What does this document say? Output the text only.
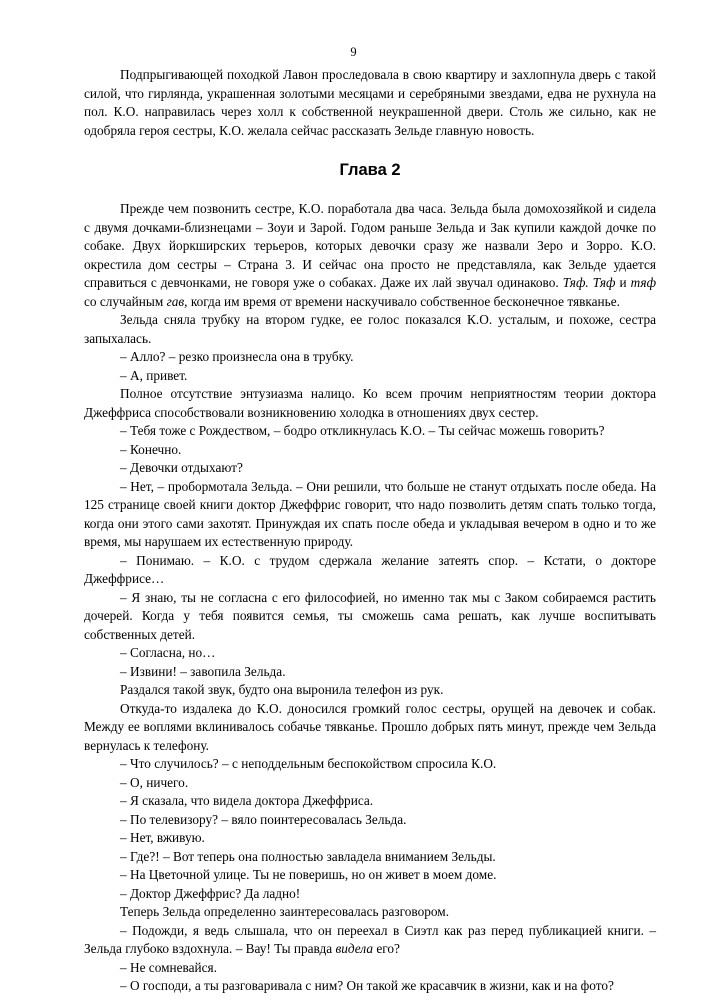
9

Подпрыгивающей походкой Лавон проследовала в свою квартиру и захлопнула дверь с такой силой, что гирлянда, украшенная золотыми месяцами и серебряными звездами, едва не рухнула на пол. К.О. направилась через холл к собственной неукрашенной двери. Столь же сильно, как не одобряла героя сестры, К.О. желала сейчас рассказать Зельде главную новость.

Глава 2

Прежде чем позвонить сестре, К.О. поработала два часа. Зельда была домохозяйкой и сидела с двумя дочками-близнецами – Зоуи и Зарой. Годом раньше Зельда и Зак купили каждой дочке по собаке. Двух йоркширских терьеров, которых девочки сразу же назвали Зеро и Зорро. К.О. окрестила дом сестры – Страна 3. И сейчас она просто не представляла, как Зельде удается справиться с девчонками, не говоря уже о собаках. Даже их лай звучал одинаково. Тяф. Тяф и тяф со случайным гав, когда им время от времени наскучивало собственное бесконечное тявканье.

Зельда сняла трубку на втором гудке, ее голос показался К.О. усталым, и похоже, сестра запыхалась.

– Алло? – резко произнесла она в трубку.

– А, привет.

Полное отсутствие энтузиазма налицо. Ко всем прочим неприятностям теории доктора Джеффриса способствовали возникновению холодка в отношениях двух сестер.

– Тебя тоже с Рождеством, – бодро откликнулась К.О. – Ты сейчас можешь говорить?

– Конечно.

– Девочки отдыхают?

– Нет, – пробормотала Зельда. – Они решили, что больше не станут отдыхать после обеда. На 125 странице своей книги доктор Джеффрис говорит, что надо позволить детям спать только тогда, когда они этого сами захотят. Принуждая их спать после обеда и укладывая вечером в одно и то же время, мы нарушаем их естественную природу.

– Понимаю. – К.О. с трудом сдержала желание затеять спор. – Кстати, о докторе Джеффрисе…

– Я знаю, ты не согласна с его философией, но именно так мы с Заком собираемся растить дочерей. Когда у тебя появится семья, ты сможешь сама решать, как лучше воспитывать собственных детей.

– Согласна, но…

– Извини! – завопила Зельда.

Раздался такой звук, будто она выронила телефон из рук.

Откуда-то издалека до К.О. доносился громкий голос сестры, орущей на девочек и собак. Между ее воплями вклинивалось собачье тявканье. Прошло добрых пять минут, прежде чем Зельда вернулась к телефону.

– Что случилось? – с неподдельным беспокойством спросила К.О.

– О, ничего.

– Я сказала, что видела доктора Джеффриса.

– По телевизору? – вяло поинтересовалась Зельда.

– Нет, вживую.

– Где?! – Вот теперь она полностью завладела вниманием Зельды.

– На Цветочной улице. Ты не поверишь, но он живет в моем доме.

– Доктор Джеффрис? Да ладно!

Теперь Зельда определенно заинтересовалась разговором.

– Подожди, я ведь слышала, что он переехал в Сиэтл как раз перед публикацией книги. – Зельда глубоко вздохнула. – Вау! Ты правда видела его?

– Не сомневайся.

– О господи, а ты разговаривала с ним? Он такой же красавчик в жизни, как и на фото?
